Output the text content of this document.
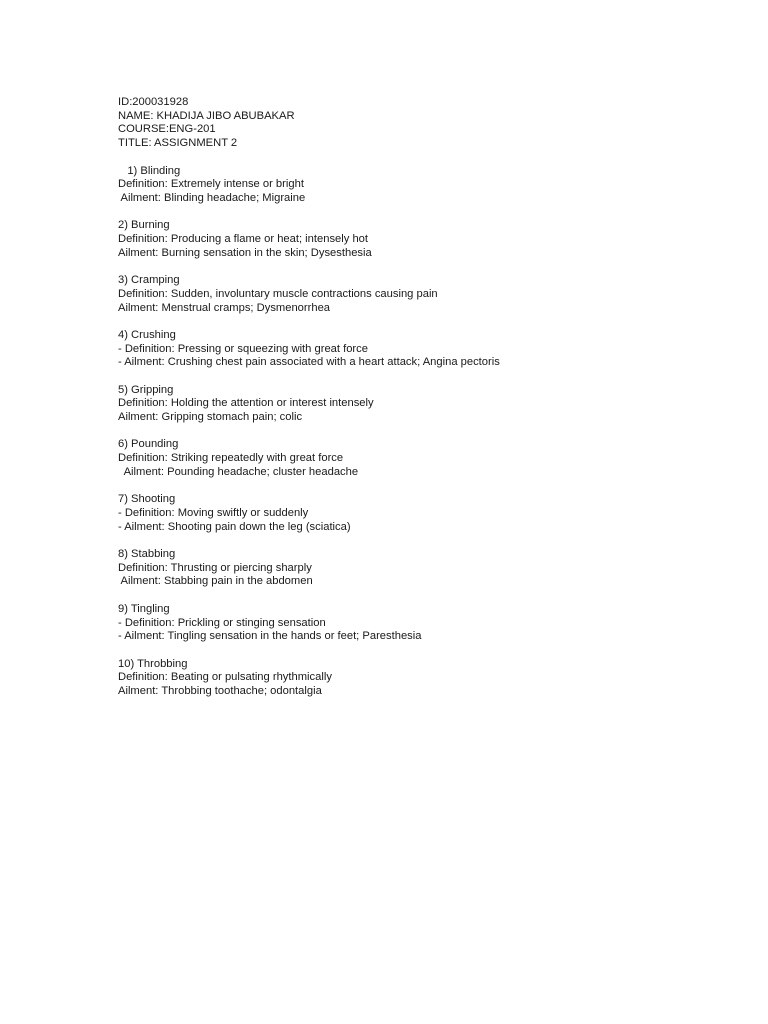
ID:200031928
NAME: KHADIJA JIBO ABUBAKAR
COURSE:ENG-201
TITLE: ASSIGNMENT 2
1) Blinding
Definition: Extremely intense or bright
Ailment: Blinding headache; Migraine
2) Burning
Definition: Producing a flame or heat; intensely hot
Ailment: Burning sensation in the skin; Dysesthesia
3) Cramping
Definition: Sudden, involuntary muscle contractions causing pain
Ailment: Menstrual cramps; Dysmenorrhea
4) Crushing
- Definition: Pressing or squeezing with great force
- Ailment: Crushing chest pain associated with a heart attack; Angina pectoris
5) Gripping
Definition: Holding the attention or interest intensely
Ailment: Gripping stomach pain; colic
6) Pounding
Definition: Striking repeatedly with great force
Ailment: Pounding headache; cluster headache
7) Shooting
- Definition: Moving swiftly or suddenly
- Ailment: Shooting pain down the leg (sciatica)
8) Stabbing
Definition: Thrusting or piercing sharply
Ailment: Stabbing pain in the abdomen
9) Tingling
- Definition: Prickling or stinging sensation
- Ailment: Tingling sensation in the hands or feet; Paresthesia
10) Throbbing
Definition: Beating or pulsating rhythmically
Ailment: Throbbing toothache; odontalgia
